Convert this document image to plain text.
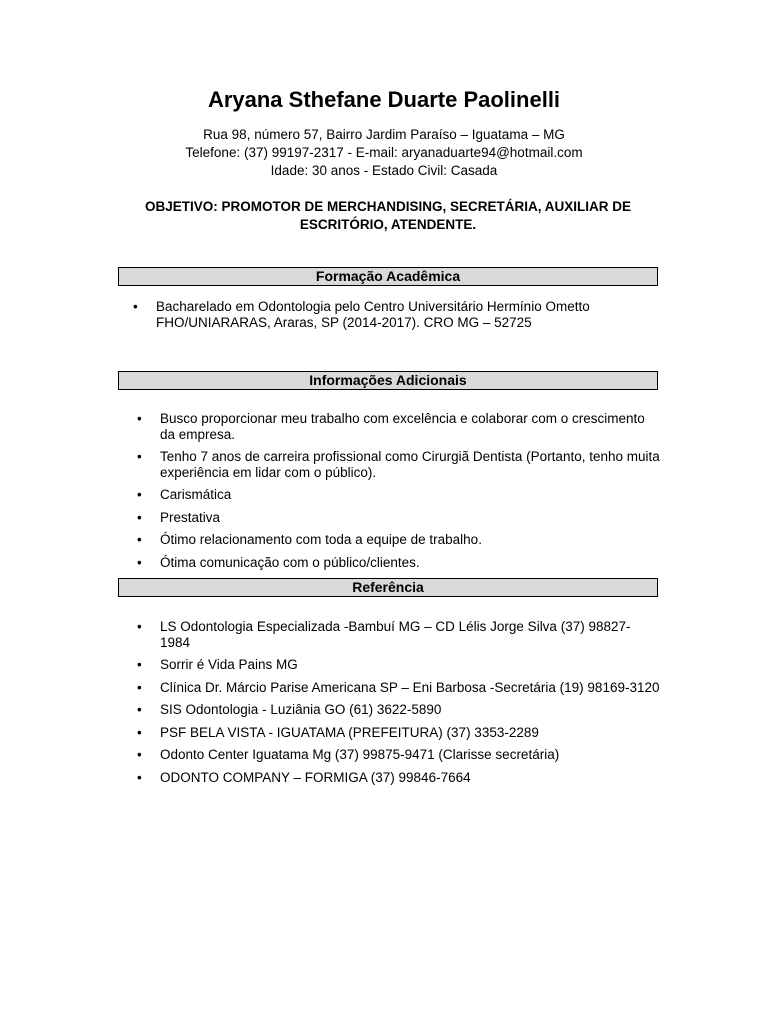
Aryana Sthefane Duarte Paolinelli
Rua 98, número 57, Bairro Jardim Paraíso – Iguatama – MG
Telefone: (37) 99197-2317 - E-mail: aryanaduarte94@hotmail.com
Idade: 30 anos - Estado Civil: Casada
OBJETIVO: PROMOTOR DE MERCHANDISING, SECRETÁRIA, AUXILIAR DE
ESCRITÓRIO, ATENDENTE.
Formação Acadêmica
• Bacharelado em Odontologia pelo Centro Universitário Hermínio Ometto
FHO/UNIARARAS, Araras, SP (2014-2017). CRO MG – 52725
Informações Adicionais
• Busco proporcionar meu trabalho com excelência e colaborar com o crescimento da empresa.
• Tenho 7 anos de carreira profissional como Cirurgiã Dentista (Portanto, tenho muita experiência em lidar com o público).
• Carismática
• Prestativa
• Ótimo relacionamento com toda a equipe de trabalho.
• Ótima comunicação com o público/clientes.
Referência
• LS Odontologia Especializada -Bambuí MG – CD Lélis Jorge Silva (37) 98827-1984
• Sorrir é Vida Pains MG
• Clínica Dr. Márcio Parise Americana SP – Eni Barbosa -Secretária (19) 98169-3120
• SIS Odontologia - Luziânia GO (61) 3622-5890
• PSF BELA VISTA - IGUATAMA (PREFEITURA) (37) 3353-2289
• Odonto Center Iguatama Mg (37) 99875-9471 (Clarisse secretária)
• ODONTO COMPANY – FORMIGA (37) 99846-7664
